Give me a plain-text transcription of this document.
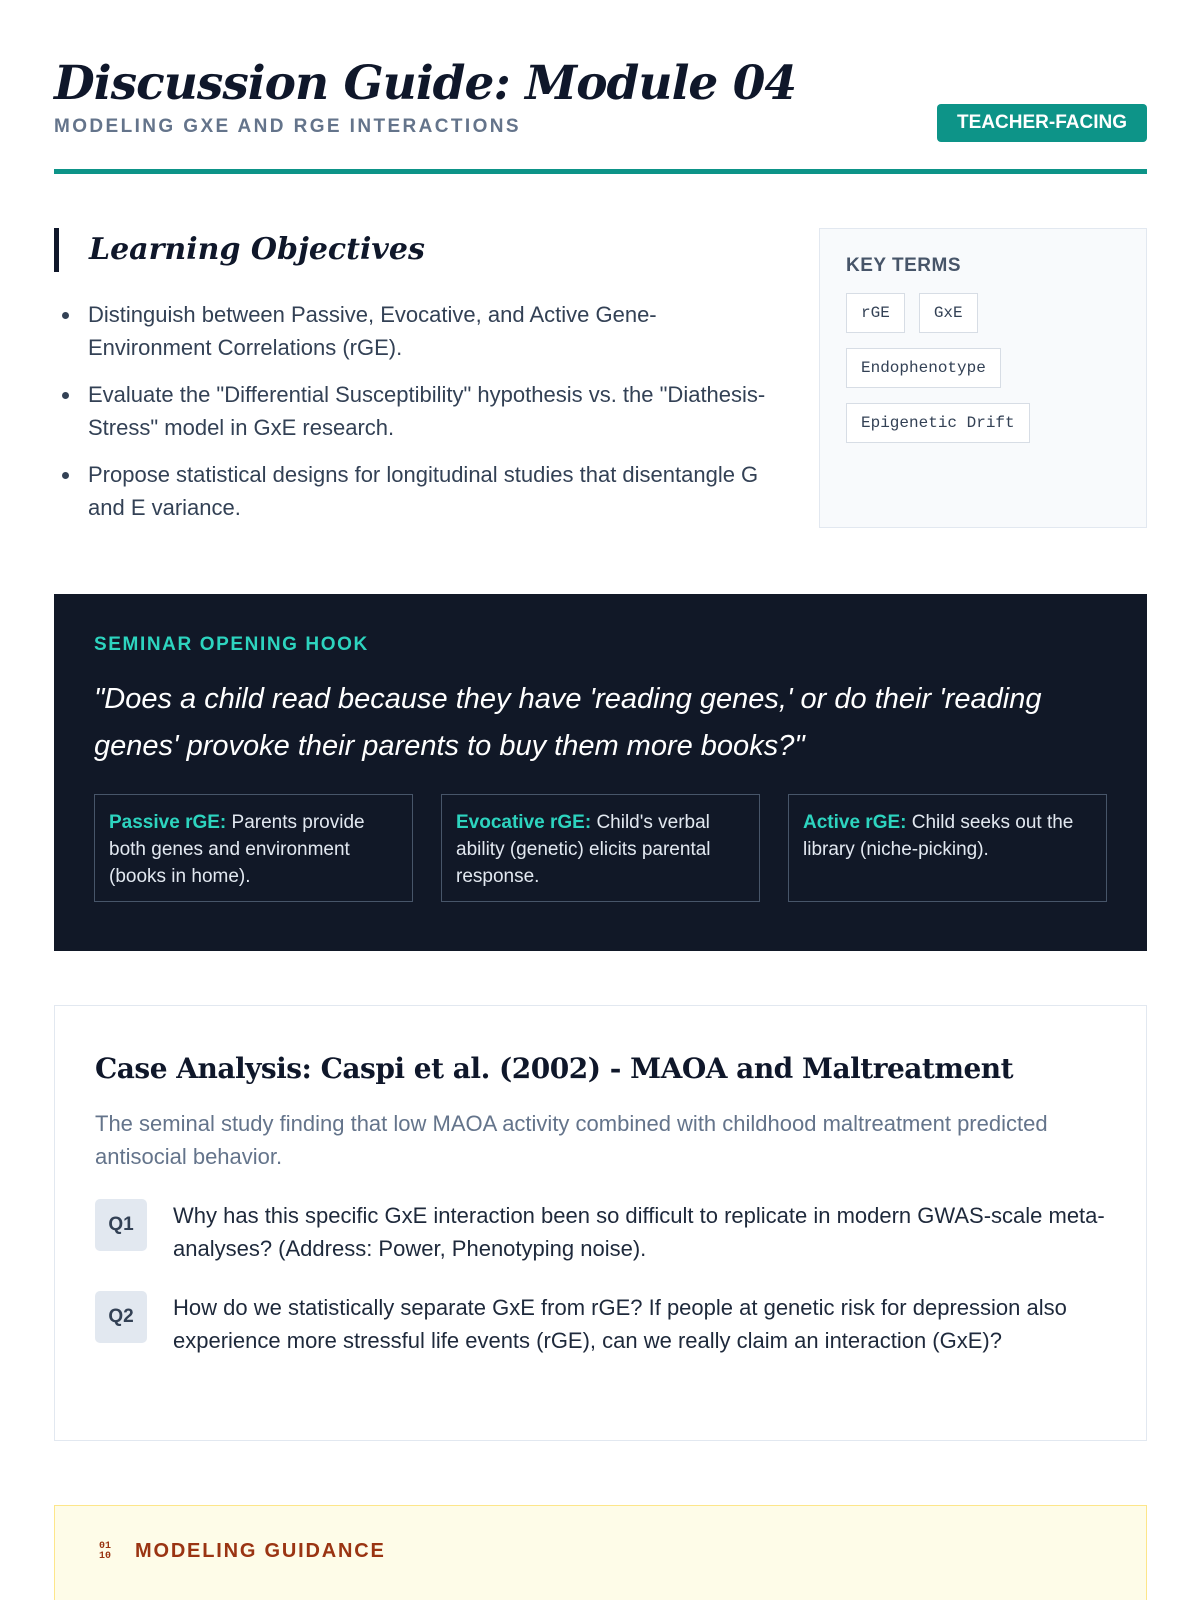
Discussion Guide: Module 04
MODELING GXE AND RGE INTERACTIONS	TEACHER-FACING
Learning Objectives
Distinguish between Passive, Evocative, and Active Gene-Environment Correlations (rGE).
Evaluate the "Differential Susceptibility" hypothesis vs. the "Diathesis-Stress" model in GxE research.
Propose statistical designs for longitudinal studies that disentangle G and E variance.
KEY TERMS
rGE	GxE
Endophenotype
Epigenetic Drift
SEMINAR OPENING HOOK
"Does a child read because they have 'reading genes,' or do their 'reading genes' provoke their parents to buy them more books?"
Passive rGE: Parents provide both genes and environment (books in home).
Evocative rGE: Child's verbal ability (genetic) elicits parental response.
Active rGE: Child seeks out the library (niche-picking).
Case Analysis: Caspi et al. (2002) - MAOA and Maltreatment
The seminal study finding that low MAOA activity combined with childhood maltreatment predicted antisocial behavior.
Q1	Why has this specific GxE interaction been so difficult to replicate in modern GWAS-scale meta-analyses? (Address: Power, Phenotyping noise).
Q2	How do we statistically separate GxE from rGE? If people at genetic risk for depression also experience more stressful life events (rGE), can we really claim an interaction (GxE)?
01 10	MODELING GUIDANCE
